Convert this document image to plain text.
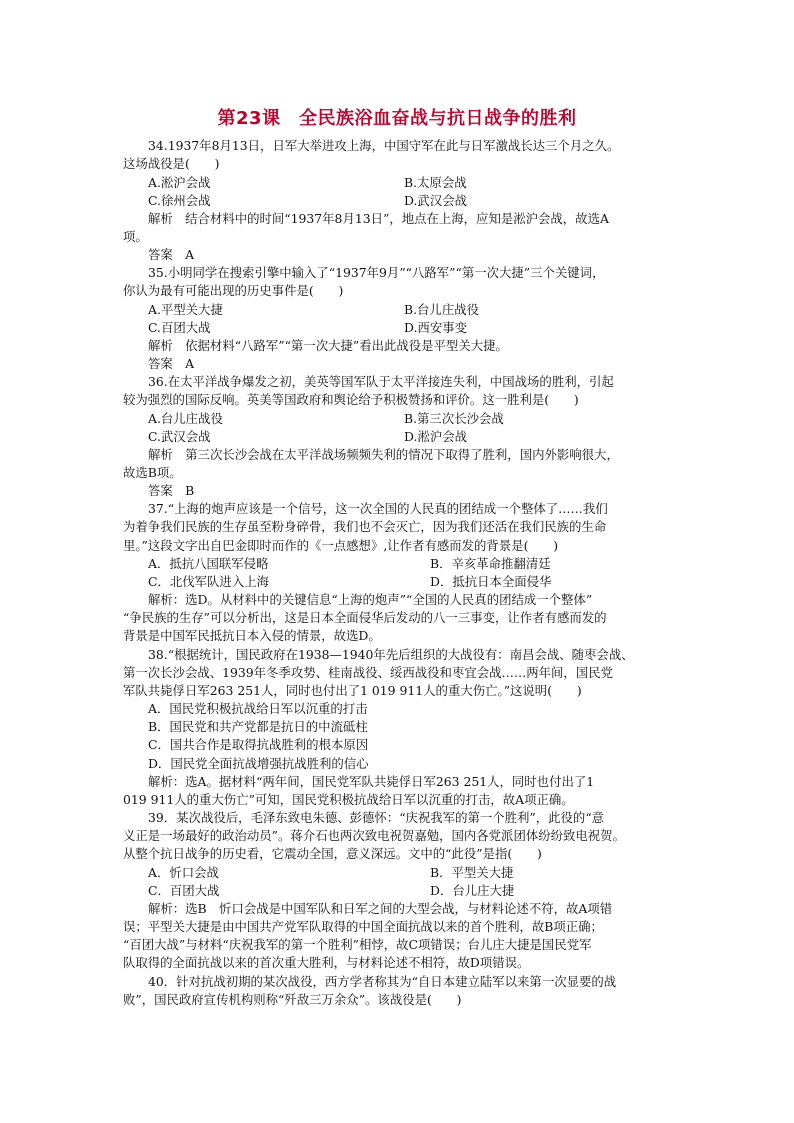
第23课　全民族浴血奋战与抗日战争的胜利
34.1937年8月13日，日军大举进攻上海，中国守军在此与日军激战长达三个月之久。
这场战役是(　　)
A.淞沪会战	B.太原会战
C.徐州会战	D.武汉会战
解析　结合材料中的时间“1937年8月13日”，地点在上海，应知是淞沪会战，故选A
项。
答案　A
35.小明同学在搜索引擎中输入了“1937年9月”“八路军”“第一次大捷”三个关键词，
你认为最有可能出现的历史事件是(　　)
A.平型关大捷	B.台儿庄战役
C.百团大战	D.西安事变
解析　依据材料“八路军”“第一次大捷”看出此战役是平型关大捷。
答案　A
36.在太平洋战争爆发之初，美英等国军队于太平洋接连失利，中国战场的胜利，引起
较为强烈的国际反响。英美等国政府和舆论给予积极赞扬和评价。这一胜利是(　　)
A.台儿庄战役	B.第三次长沙会战
C.武汉会战	D.淞沪会战
解析　第三次长沙会战在太平洋战场频频失利的情况下取得了胜利，国内外影响很大，
故选B项。
答案　B
37.“上海的炮声应该是一个信号，这一次全国的人民真的团结成一个整体了……我们
为着争我们民族的生存虽至粉身碎骨，我们也不会灭亡，因为我们还活在我们民族的生命
里。”这段文字出自巴金即时而作的《一点感想》,让作者有感而发的背景是(　　)
A．抵抗八国联军侵略	B．辛亥革命推翻清廷
C．北伐军队进入上海	D．抵抗日本全面侵华
解析：选D。从材料中的关键信息“上海的炮声”“全国的人民真的团结成一个整体”
“争民族的生存”可以分析出，这是日本全面侵华后发动的八一三事变，让作者有感而发的
背景是中国军民抵抗日本入侵的情景，故选D。
38.“根据统计，国民政府在1938—1940年先后组织的大战役有：南昌会战、随枣会战、
第一次长沙会战、1939年冬季攻势、桂南战役、绥西战役和枣宜会战……两年间，国民党
军队共毙俘日军263 251人，同时也付出了1 019 911人的重大伤亡。”这说明(　　)
A．国民党积极抗战给日军以沉重的打击
B．国民党和共产党都是抗日的中流砥柱
C．国共合作是取得抗战胜利的根本原因
D．国民党全面抗战增强抗战胜利的信心
解析：选A。据材料“两年间，国民党军队共毙俘日军263 251人，同时也付出了1
019 911人的重大伤亡”可知，国民党积极抗战给日军以沉重的打击，故A项正确。
39．某次战役后，毛泽东致电朱德、彭德怀：“庆祝我军的第一个胜利”，此役的“意
义正是一场最好的政治动员”。蒋介石也两次致电祝贺嘉勉，国内各党派团体纷纷致电祝贺。
从整个抗日战争的历史看，它震动全国，意义深远。文中的“此役”是指(　　)
A．忻口会战	B．平型关大捷
C．百团大战	D．台儿庄大捷
解析：选B　忻口会战是中国军队和日军之间的大型会战，与材料论述不符，故A项错
误；平型关大捷是由中国共产党军队取得的中国全面抗战以来的首个胜利，故B项正确；
“百团大战”与材料“庆祝我军的第一个胜利”相悖，故C项错误；台儿庄大捷是国民党军
队取得的全面抗战以来的首次重大胜利，与材料论述不相符，故D项错误。
40．针对抗战初期的某次战役，西方学者称其为“自日本建立陆军以来第一次显要的战
败”，国民政府宣传机构则称“歼敌三万余众”。该战役是(　　)
